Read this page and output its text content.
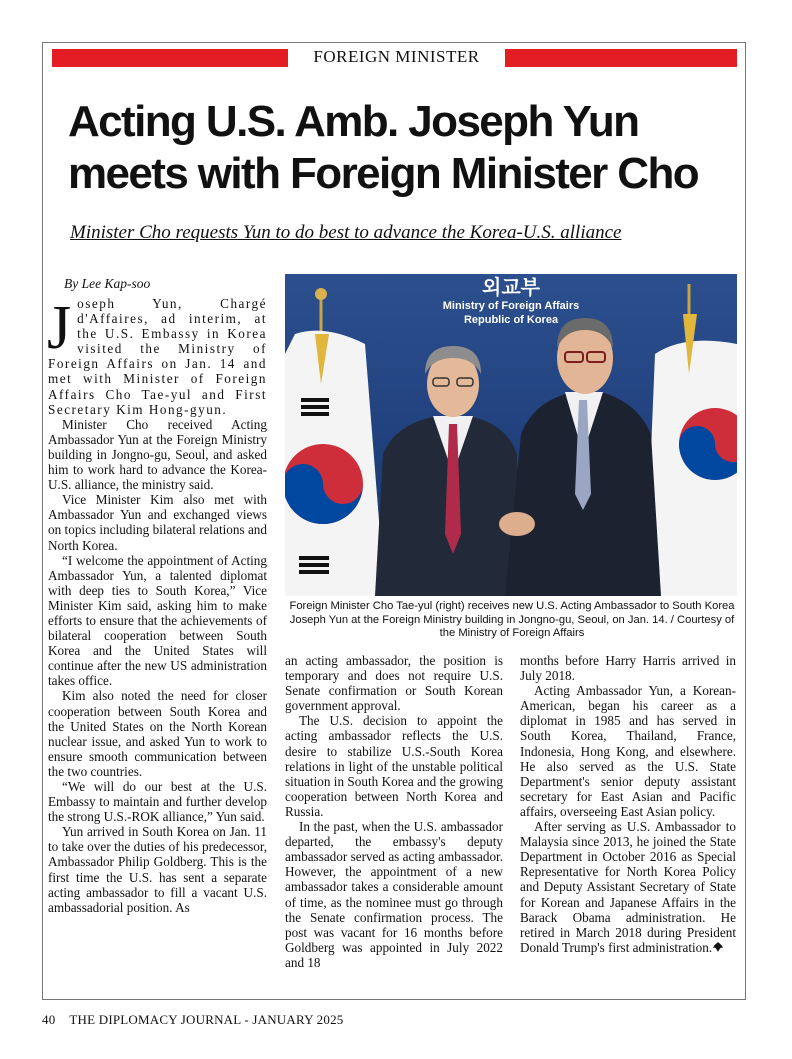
FOREIGN MINISTER
Acting U.S. Amb. Joseph Yun
meets with Foreign Minister Cho

Minister Cho requests Yun to do best to advance the Korea-U.S. alliance

By Lee Kap-soo

Joseph Yun, Chargé d'Affaires, ad interim, at the U.S. Embassy in Korea visited the Ministry of Foreign Affairs on Jan. 14 and met with Minister of Foreign Affairs Cho Tae-yul and First Secretary Kim Hong-gyun.

Minister Cho received Acting Ambassador Yun at the Foreign Ministry building in Jongno-gu, Seoul, and asked him to work hard to advance the Korea-U.S. alliance, the ministry said.

Vice Minister Kim also met with Ambassador Yun and exchanged views on topics including bilateral relations and North Korea.

“I welcome the appointment of Acting Ambassador Yun, a talented diplomat with deep ties to South Korea,” Vice Minister Kim said, asking him to make efforts to ensure that the achievements of bilateral cooperation between South Korea and the United States will continue after the new US administration takes office.

Kim also noted the need for closer cooperation between South Korea and the United States on the North Korean nuclear issue, and asked Yun to work to ensure smooth communication between the two countries.

“We will do our best at the U.S. Embassy to maintain and further develop the strong U.S.-ROK alliance,” Yun said.

Yun arrived in South Korea on Jan. 11 to take over the duties of his predecessor, Ambassador Philip Goldberg. This is the first time the U.S. has sent a separate acting ambassador to fill a vacant U.S. ambassadorial position. As

외교부
Ministry of Foreign Affairs
Republic of Korea

Foreign Minister Cho Tae-yul (right) receives new U.S. Acting Ambassador to South Korea Joseph Yun at the Foreign Ministry building in Jongno-gu, Seoul, on Jan. 14. / Courtesy of the Ministry of Foreign Affairs

an acting ambassador, the position is temporary and does not require U.S. Senate confirmation or South Korean government approval.

The U.S. decision to appoint the acting ambassador reflects the U.S. desire to stabilize U.S.-South Korea relations in light of the unstable political situation in South Korea and the growing cooperation between North Korea and Russia.

In the past, when the U.S. ambassador departed, the embassy's deputy ambassador served as acting ambassador. However, the appointment of a new ambassador takes a considerable amount of time, as the nominee must go through the Senate confirmation process. The post was vacant for 16 months before Goldberg was appointed in July 2022 and 18

months before Harry Harris arrived in July 2018.

Acting Ambassador Yun, a Korean-American, began his career as a diplomat in 1985 and has served in South Korea, Thailand, France, Indonesia, Hong Kong, and elsewhere. He also served as the U.S. State Department's senior deputy assistant secretary for East Asian and Pacific affairs, overseeing East Asian policy.

After serving as U.S. Ambassador to Malaysia since 2013, he joined the State Department in October 2016 as Special Representative for North Korea Policy and Deputy Assistant Secretary of State for Korean and Japanese Affairs in the Barack Obama administration. He retired in March 2018 during President Donald Trump's first administration.

40 THE DIPLOMACY JOURNAL - JANUARY 2025
